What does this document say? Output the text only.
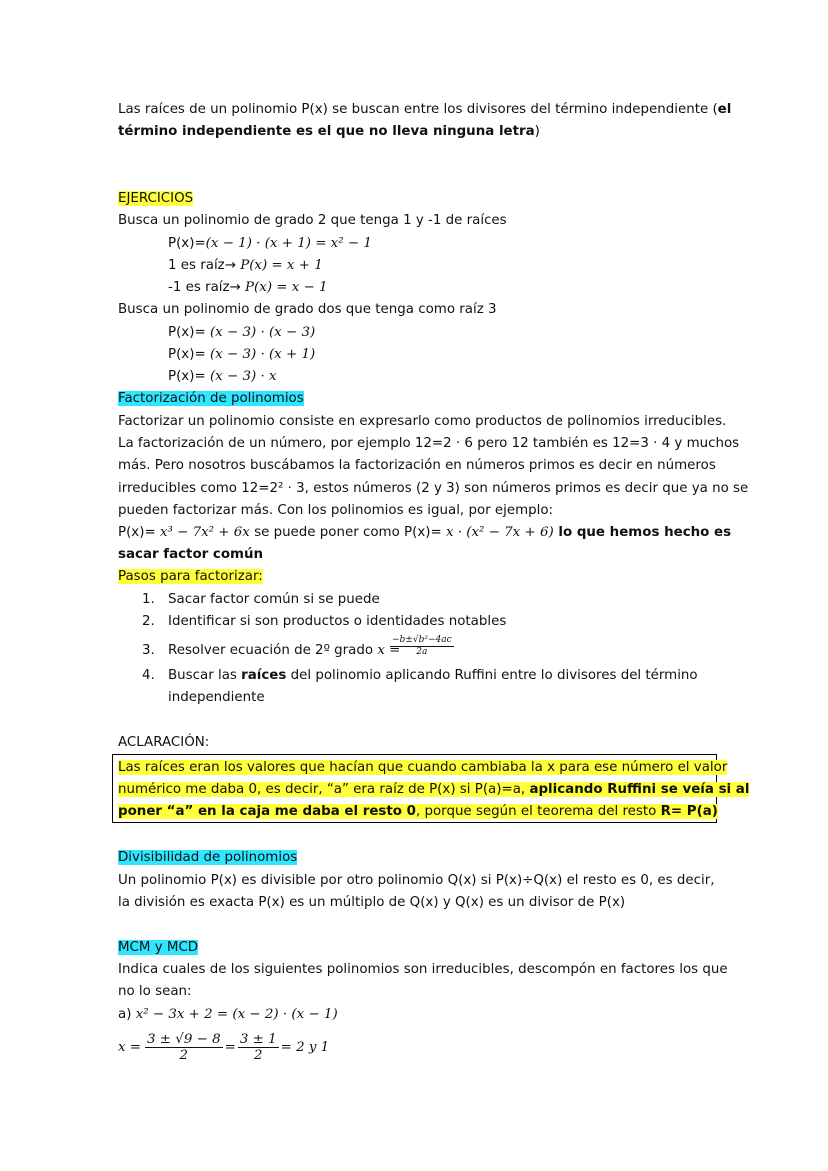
Las raíces de un polinomio P(x) se buscan entre los divisores del término independiente (el
término independiente es el que no lleva ninguna letra)
EJERCICIOS
Busca un polinomio de grado 2 que tenga 1 y -1 de raíces
P(x)=(x − 1) · (x + 1) = x² − 1
1 es raíz→ P(x) = x + 1
-1 es raíz→ P(x) = x − 1
Busca un polinomio de grado dos que tenga como raíz 3
P(x)= (x − 3) · (x − 3)
P(x)= (x − 3) · (x + 1)
P(x)= (x − 3) · x
Factorización de polinomios
Factorizar un polinomio consiste en expresarlo como productos de polinomios irreducibles.
La factorización de un número, por ejemplo 12=2 · 6 pero 12 también es 12=3 · 4 y muchos
más. Pero nosotros buscábamos la factorización en números primos es decir en números
irreducibles como 12=2² · 3, estos números (2 y 3) son números primos es decir que ya no se
pueden factorizar más. Con los polinomios es igual, por ejemplo:
P(x)= x³ − 7x² + 6x se puede poner como P(x)= x · (x² − 7x + 6) lo que hemos hecho es
sacar factor común
Pasos para factorizar:
1. Sacar factor común si se puede
2. Identificar si son productos o identidades notables
3. Resolver ecuación de 2º grado x =
$\frac{\text{−b±√b²−4ac}}{2a}$
4. Buscar las raíces del polinomio aplicando Ruffini entre lo divisores del término
independiente
ACLARACIÓN:
Las raíces eran los valores que hacían que cuando cambiaba la x para ese número el valor
numérico me daba 0, es decir, “a” era raíz de P(x) si P(a)=a, aplicando Ruffini se veía si al
poner “a” en la caja me daba el resto 0, porque según el teorema del resto R= P(a)
Divisibilidad de polinomios
Un polinomio P(x) es divisible por otro polinomio Q(x) si P(x)÷Q(x) el resto es 0, es decir,
la división es exacta P(x) es un múltiplo de Q(x) y Q(x) es un divisor de P(x)
MCM y MCD
Indica cuales de los siguientes polinomios son irreducibles, descompón en factores los que
no lo sean:
a) x² − 3x + 2 = (x − 2) · (x − 1)
$x = \frac{3 \pm √9 - 8}{2} = \frac{3 \pm 1}{2} = 2$ y 1
